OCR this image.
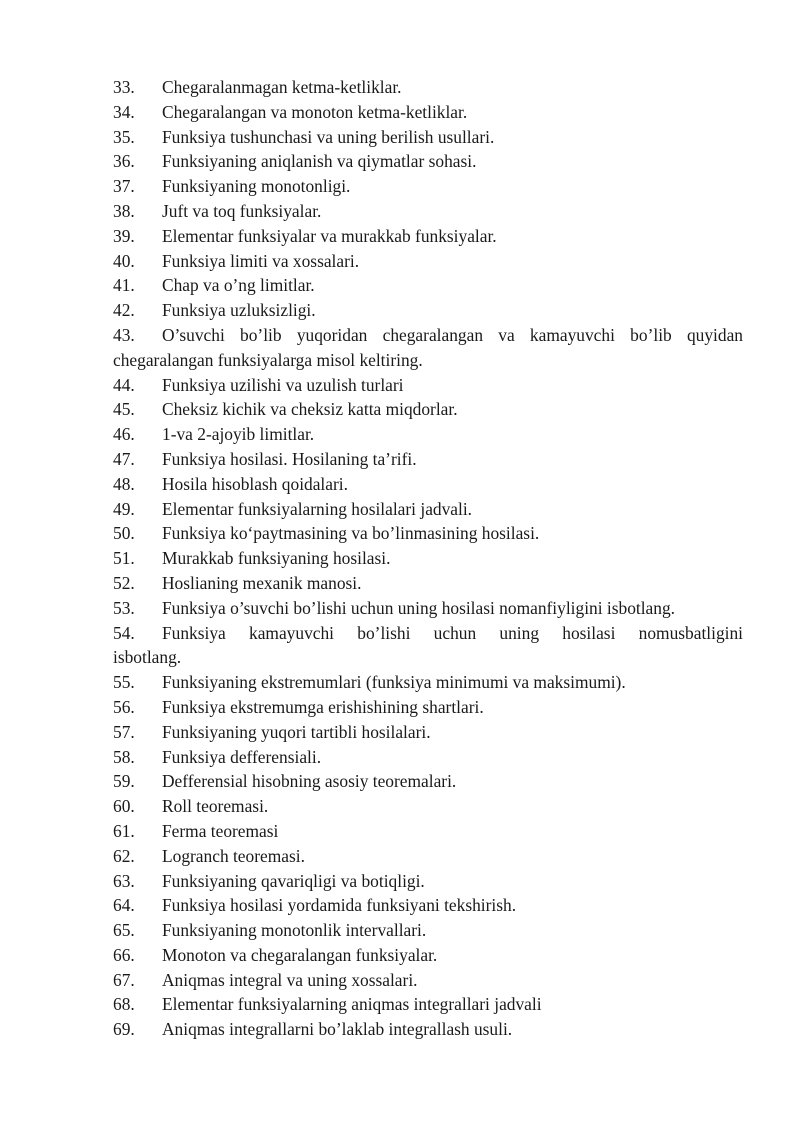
33. Chegaralanmagan ketma-ketliklar.
34. Chegaralangan va monoton ketma-ketliklar.
35. Funksiya tushunchasi va uning berilish usullari.
36. Funksiyaning aniqlanish va qiymatlar sohasi.
37. Funksiyaning monotonligi.
38. Juft va toq funksiyalar.
39. Elementar funksiyalar va murakkab funksiyalar.
40. Funksiya limiti va xossalari.
41. Chap va o’ng limitlar.
42. Funksiya uzluksizligi.
43. O’suvchi bo’lib yuqoridan chegaralangan va kamayuvchi bo’lib quyidan
chegaralangan funksiyalarga misol keltiring.
44. Funksiya uzilishi va uzulish turlari
45. Cheksiz kichik va cheksiz katta miqdorlar.
46. 1-va 2-ajoyib limitlar.
47. Funksiya hosilasi. Hosilaning ta’rifi.
48. Hosila hisoblash qoidalari.
49. Elementar funksiyalarning hosilalari jadvali.
50. Funksiya ko‘paytmasining va bo’linmasining hosilasi.
51. Murakkab funksiyaning hosilasi.
52. Hoslianing mexanik manosi.
53. Funksiya o’suvchi bo’lishi uchun uning hosilasi nomanfiyligini isbotlang.
54. Funksiya kamayuvchi bo’lishi uchun uning hosilasi nomusbatligini
isbotlang.
55. Funksiyaning ekstremumlari (funksiya minimumi va maksimumi).
56. Funksiya ekstremumga erishishining shartlari.
57. Funksiyaning yuqori tartibli hosilalari.
58. Funksiya defferensiali.
59. Defferensial hisobning asosiy teoremalari.
60. Roll teoremasi.
61. Ferma teoremasi
62. Logranch teoremasi.
63. Funksiyaning qavariqligi va botiqligi.
64. Funksiya hosilasi yordamida funksiyani tekshirish.
65. Funksiyaning monotonlik intervallari.
66. Monoton va chegaralangan funksiyalar.
67. Aniqmas integral va uning xossalari.
68. Elementar funksiyalarning aniqmas integrallari jadvali
69. Aniqmas integrallarni bo’laklab integrallash usuli.
